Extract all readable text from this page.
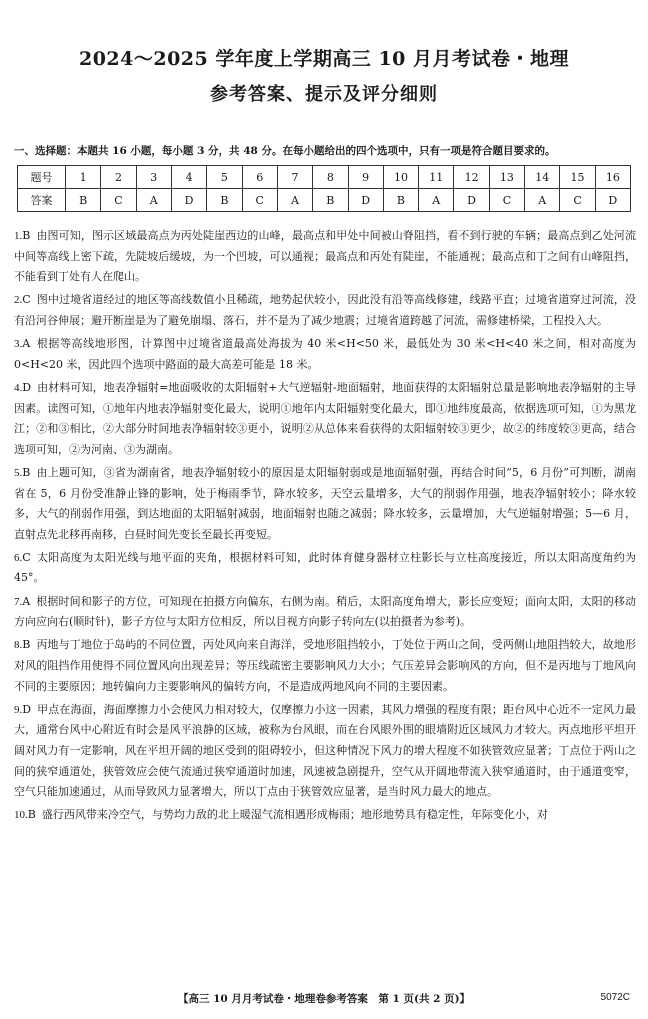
2024～2025 学年度上学期高三 10 月月考试卷・地理
参考答案、提示及评分细则
一、选择题：本题共 16 小题，每小题 3 分，共 48 分。在每小题给出的四个选项中，只有一项是符合题目要求的。
题号	1	2	3	4	5	6	7	8	9	10	11	12	13	14	15	16
答案	B	C	A	D	B	C	A	B	D	B	A	D	C	A	C	D
1.B 由图可知，图示区域最高点为丙处陡崖西边的山峰，最高点和甲处中间被山脊阻挡，看不到行驶的车辆；最高点到乙处河流中间等高线上密下疏，先陡坡后缓坡，为一个凹坡，可以通视；最高点和丙处有陡崖，不能通视；最高点和丁之间有山峰阻挡，不能看到丁处有人在爬山。
2.C 图中过境省道经过的地区等高线数值小且稀疏，地势起伏较小，因此没有沿等高线修建，线路平直；过境省道穿过河流，没有沿河谷伸展；避开断崖是为了避免崩塌、落石，并不是为了减少地震；过境省道跨越了河流，需修建桥梁，工程投入大。
3.A 根据等高线地形图，计算图中过境省道最高处海拔为 40 米<H<50 米，最低处为 30 米<H<40 米之间，相对高度为 0<H<20 米，因此四个选项中路面的最大高差可能是 18 米。
4.D 由材料可知，地表净辐射=地面吸收的太阳辐射+大气逆辐射-地面辐射，地面获得的太阳辐射总量是影响地表净辐射的主导因素。读图可知，①地年内地表净辐射变化最大，说明①地年内太阳辐射变化最大，即①地纬度最高，依据选项可知，①为黑龙江；②和③相比，②大部分时间地表净辐射较③更小，说明②从总体来看获得的太阳辐射较③更少，故②的纬度较③更高，结合选项可知，②为河南、③为湖南。
5.B 由上题可知，③省为湖南省，地表净辐射较小的原因是太阳辐射弱或是地面辐射强，再结合时间“5，6 月份”可判断，湖南省在 5，6 月份受准静止锋的影响，处于梅雨季节，降水较多，天空云量增多，大气的削弱作用强，地表净辐射较小；降水较多，大气的削弱作用强，到达地面的太阳辐射减弱，地面辐射也随之减弱；降水较多，云量增加，大气逆辐射增强；5—6 月，直射点先北移再南移，白昼时间先变长至最长再变短。
6.C 太阳高度为太阳光线与地平面的夹角，根据材料可知，此时体育健身器材立柱影长与立柱高度接近，所以太阳高度角约为 45°。
7.A 根据时间和影子的方位，可知现在拍摄方向偏东，右侧为南。稍后，太阳高度角增大，影长应变短；面向太阳，太阳的移动方向应向右(顺时针)，影子方位与太阳方位相反，所以目视方向影子转向左(以拍摄者为参考)。
8.B 丙地与丁地位于岛屿的不同位置，丙处风向来自海洋，受地形阻挡较小，丁处位于两山之间，受两侧山地阻挡较大，故地形对风的阻挡作用使得不同位置风向出现差异；等压线疏密主要影响风力大小；气压差异会影响风的方向，但不是丙地与丁地风向不同的主要原因；地转偏向力主要影响风的偏转方向，不是造成两地风向不同的主要因素。
9.D 甲点在海面，海面摩擦力小会使风力相对较大，仅摩擦力小这一因素，其风力增强的程度有限；距台风中心近不一定风力最大，通常台风中心附近有时会是风平浪静的区域，被称为台风眼，而在台风眼外围的眼墙附近区域风力才较大。丙点地形平坦开阔对风力有一定影响，风在平坦开阔的地区受到的阻碍较小，但这种情况下风力的增大程度不如狭管效应显著；丁点位于两山之间的狭窄通道处，狭管效应会使气流通过狭窄通道时加速，风速被急剧提升，空气从开阔地带流入狭窄通道时，由于通道变窄，空气只能加速通过，从而导致风力显著增大，所以丁点由于狭管效应显著，是当时风力最大的地点。
10.B 盛行西风带来冷空气，与势均力敌的北上暖湿气流相遇形成梅雨；地形地势具有稳定性，年际变化小，对
【高三 10 月月考试卷・地理卷参考答案　第 1 页(共 2 页)】	5072C
